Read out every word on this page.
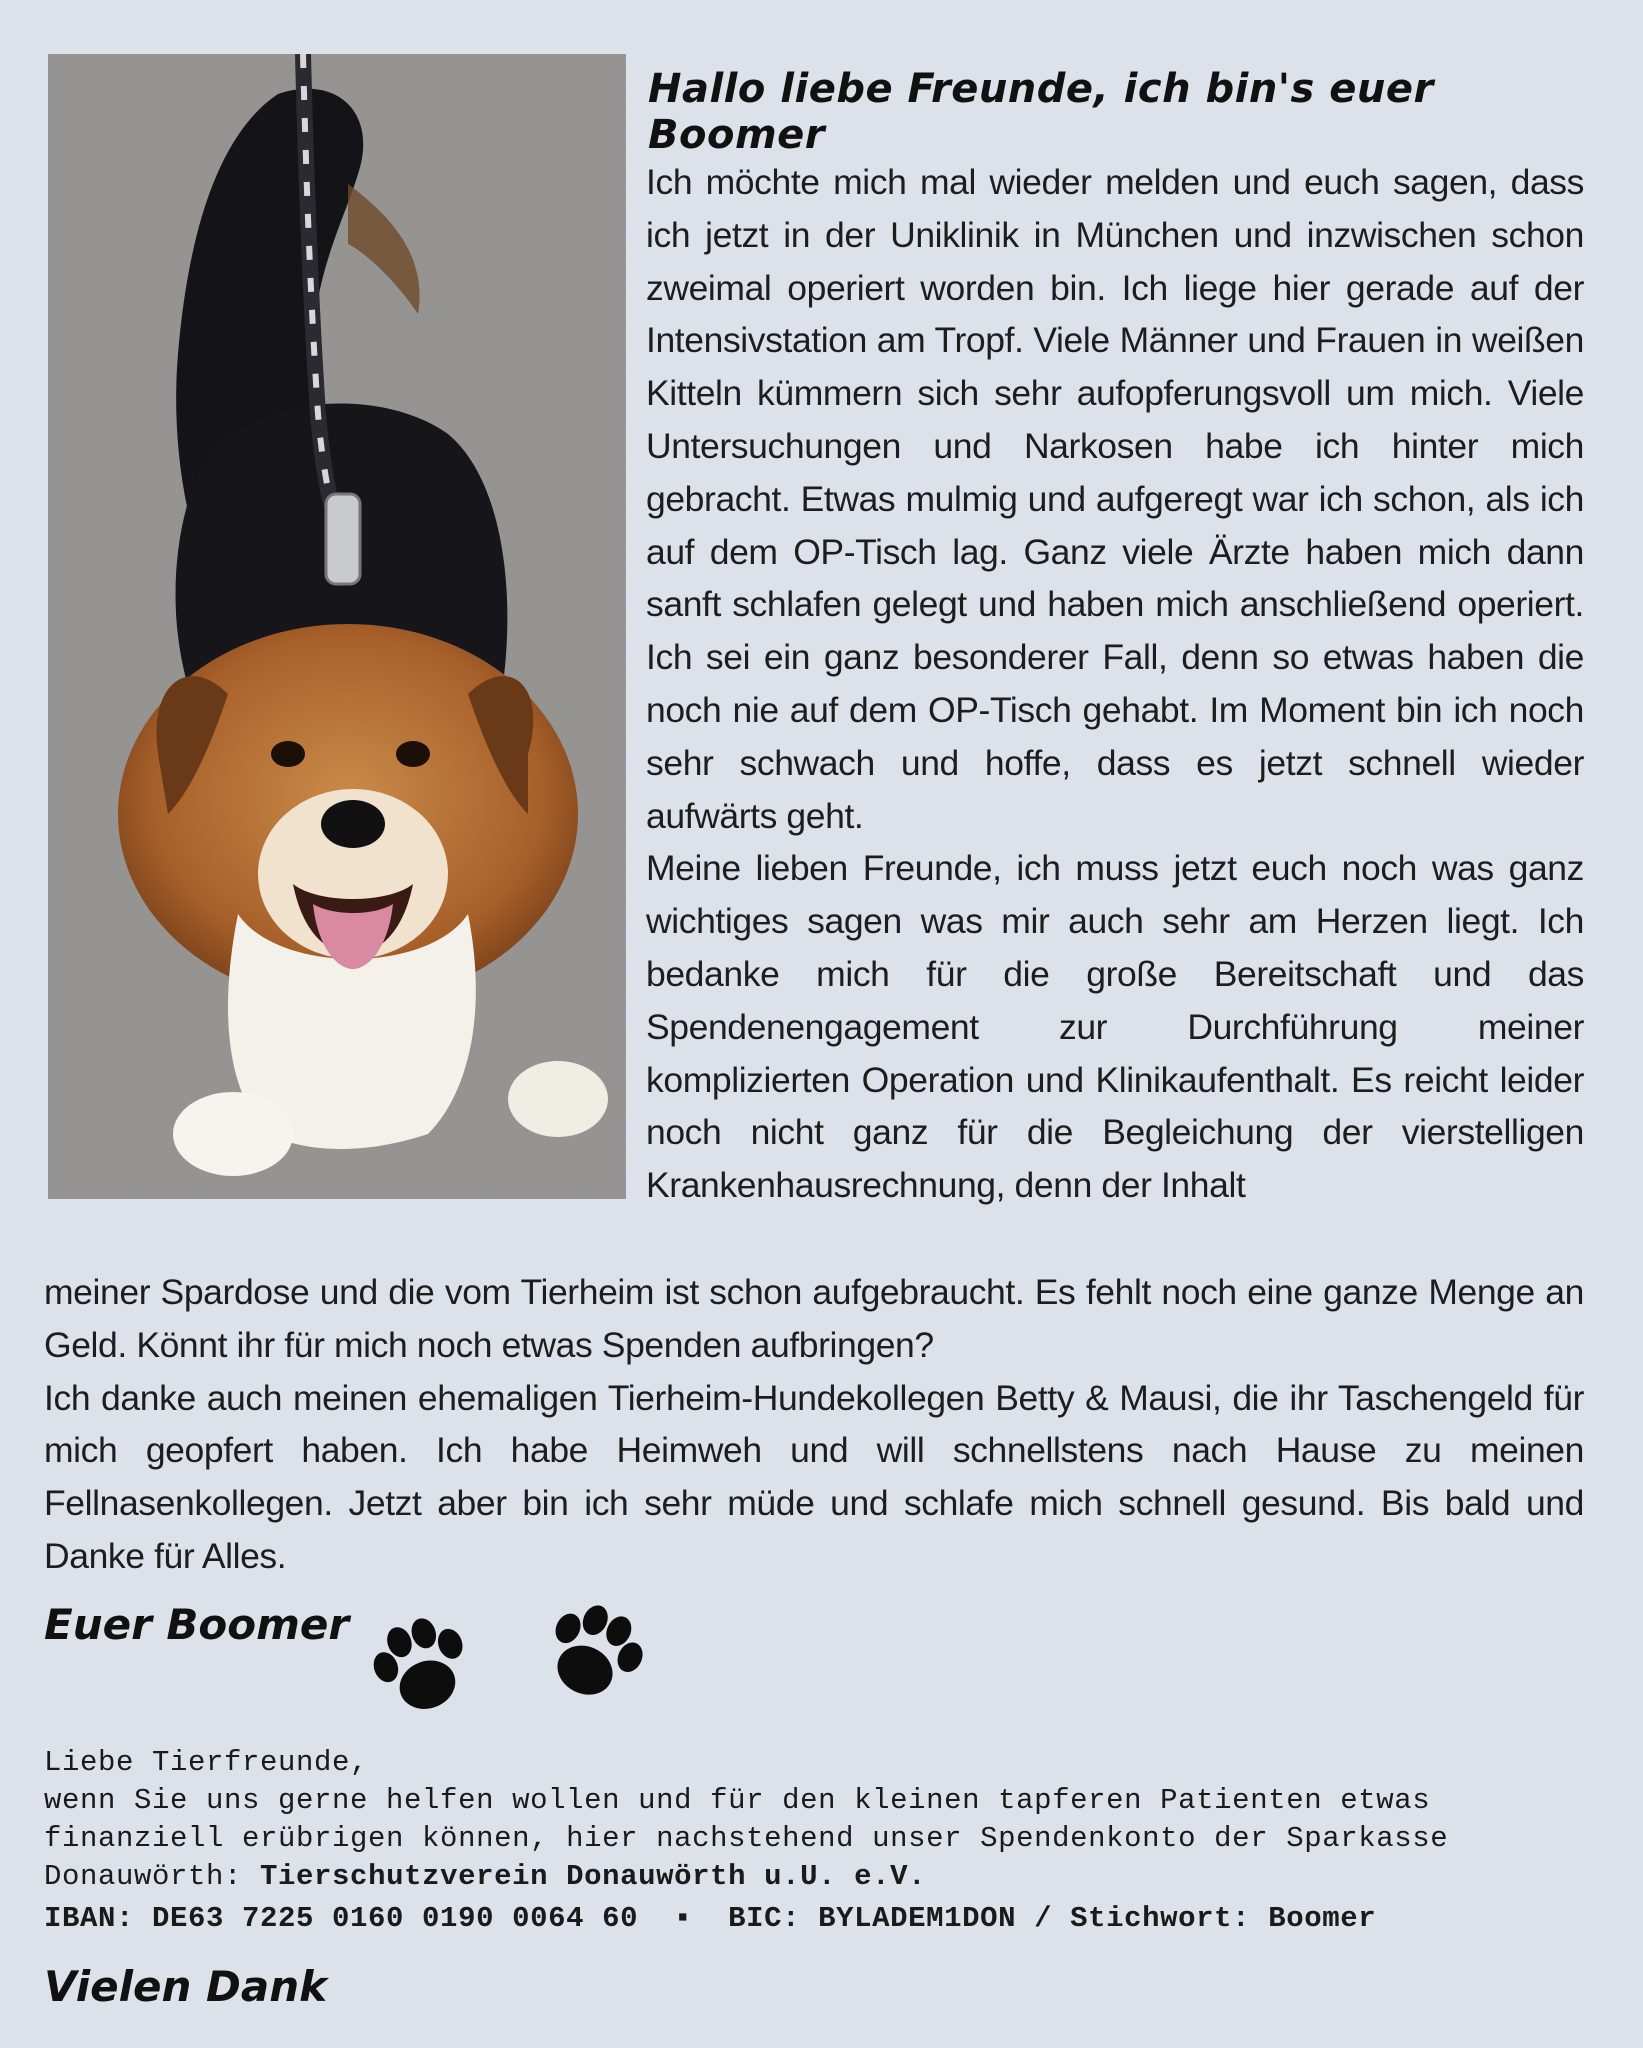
Hallo liebe Freunde, ich bin's euer Boomer

Ich möchte mich mal wieder melden und euch sagen, dass ich jetzt in der Uniklinik in München und inzwischen schon zweimal operiert worden bin. Ich liege hier gerade auf der Intensivstation am Tropf. Viele Männer und Frauen in weißen Kitteln kümmern sich sehr aufopferungsvoll um mich. Viele Untersuchungen und Narkosen habe ich hinter mich gebracht. Etwas mulmig und aufgeregt war ich schon, als ich auf dem OP-Tisch lag. Ganz viele Ärzte haben mich dann sanft schlafen gelegt und haben mich anschließend operiert. Ich sei ein ganz besonderer Fall, denn so etwas haben die noch nie auf dem OP-Tisch gehabt. Im Moment bin ich noch sehr schwach und hoffe, dass es jetzt schnell wieder aufwärts geht.

Meine lieben Freunde, ich muss jetzt euch noch was ganz wichtiges sagen was mir auch sehr am Herzen liegt. Ich bedanke mich für die große Bereitschaft und das Spendenengagement zur Durchführung meiner komplizierten Operation und Klinikaufenthalt. Es reicht leider noch nicht ganz für die Begleichung der vierstelligen Krankenhausrechnung, denn der Inhalt

meiner Spardose und die vom Tierheim ist schon aufgebraucht. Es fehlt noch eine ganze Menge an Geld. Könnt ihr für mich noch etwas Spenden aufbringen?

Ich danke auch meinen ehemaligen Tierheim-Hundekollegen Betty & Mausi, die ihr Taschengeld für mich geopfert haben. Ich habe Heimweh und will schnellstens nach Hause zu meinen Fellnasenkollegen. Jetzt aber bin ich sehr müde und schlafe mich schnell gesund. Bis bald und Danke für Alles.

Euer Boomer
Liebe Tierfreunde,
wenn Sie uns gerne helfen wollen und für den kleinen tapferen Patienten etwas
finanziell erübrigen können, hier nachstehend unser Spendenkonto der Sparkasse
Donauwörth: Tierschutzverein Donauwörth u.U. e.V.
IBAN: DE63 7225 0160 0190 0064 60  ▪  BIC: BYLADEM1DON / Stichwort: Boomer
Vielen Dank
